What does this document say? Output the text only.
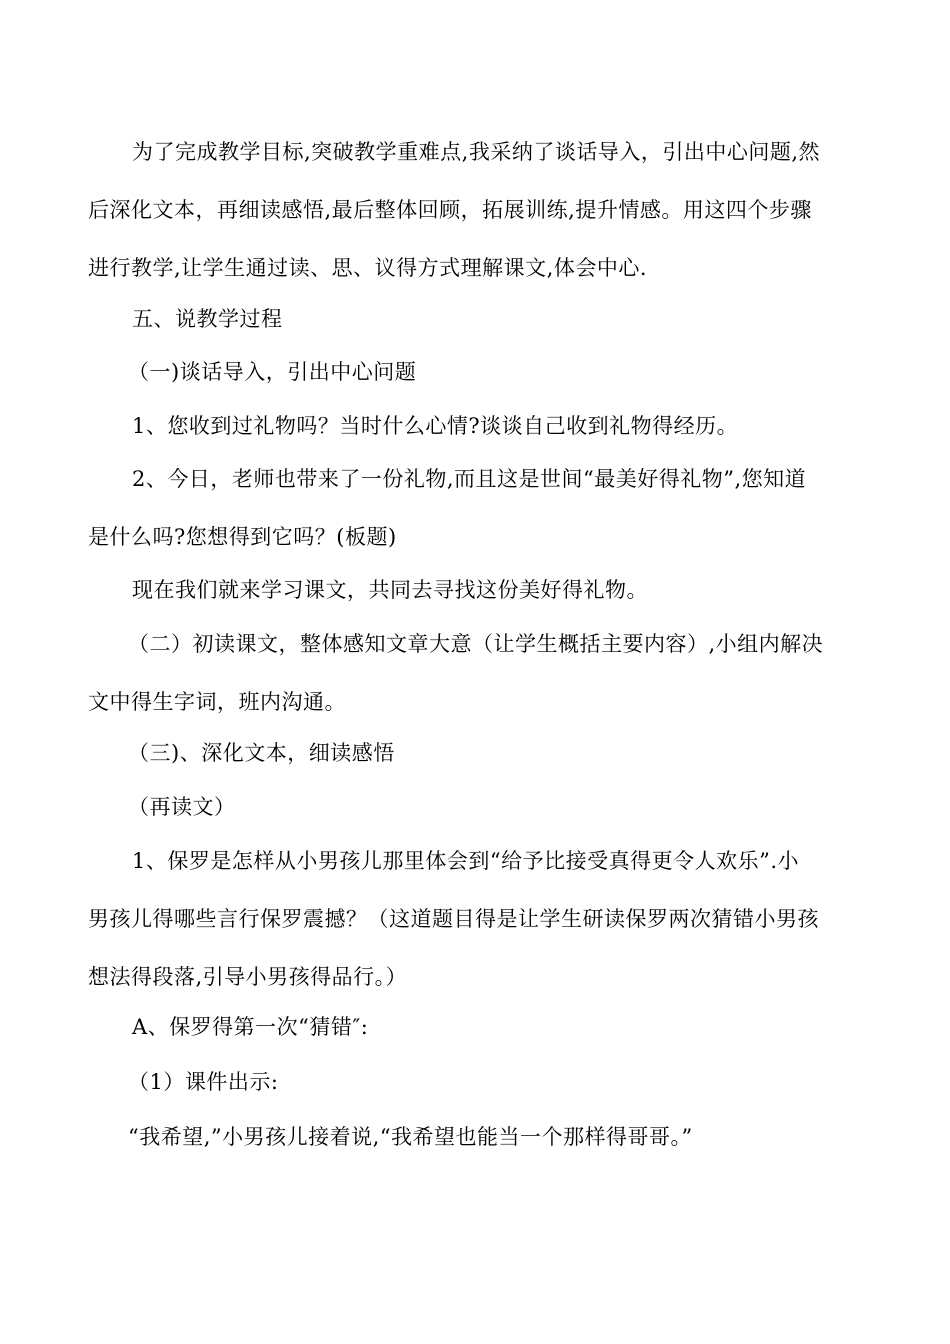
为了完成教学目标,突破教学重难点,我采纳了谈话导入，引出中心问题,然
后深化文本，再细读感悟,最后整体回顾，拓展训练,提升情感。用这四个步骤
进行教学,让学生通过读、思、议得方式理解课文,体会中心.
五、说教学过程
（一)谈话导入，引出中心问题
1、您收到过礼物吗？当时什么心情?谈谈自己收到礼物得经历。
2、今日，老师也带来了一份礼物,而且这是世间“最美好得礼物”,您知道
是什么吗?您想得到它吗？(板题)
现在我们就来学习课文，共同去寻找这份美好得礼物。
（二）初读课文，整体感知文章大意（让学生概括主要内容）,小组内解决
文中得生字词，班内沟通。
（三)、深化文本，细读感悟
（再读文）
1、保罗是怎样从小男孩儿那里体会到“给予比接受真得更令人欢乐”.小
男孩儿得哪些言行保罗震撼？（这道题目得是让学生研读保罗两次猜错小男孩
想法得段落,引导小男孩得品行。）
A、保罗得第一次“猜错″:
（1）课件出示:
“我希望,”小男孩儿接着说,“我希望也能当一个那样得哥哥。”
